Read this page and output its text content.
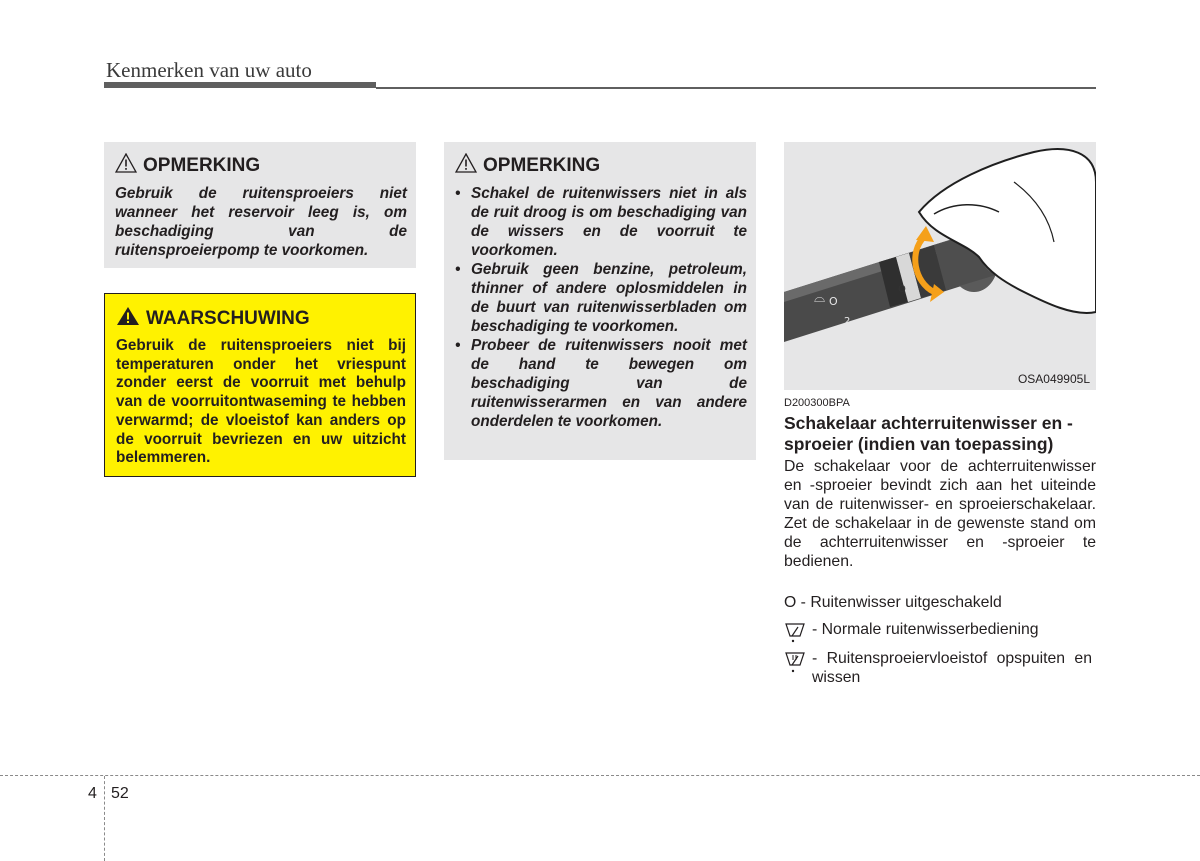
Kenmerken van uw auto
OPMERKING
Gebruik de ruitensproeiers niet wanneer het reservoir leeg is, om beschadiging van de ruitensproeierpomp te voorkomen.
WAARSCHUWING
Gebruik de ruitensproeiers niet bij temperaturen onder het vriespunt zonder eerst de voorruit met behulp van de voorruitontwaseming te hebben verwarmd; de vloeistof kan anders op de voorruit bevriezen en uw uitzicht belemmeren.
OPMERKING
• Schakel de ruitenwissers niet in als de ruit droog is om beschadiging van de wissers en de voorruit te voorkomen.
• Gebruik geen benzine, petroleum, thinner of andere oplosmiddelen in de buurt van ruitenwisserbladen om beschadiging te voorkomen.
• Probeer de ruitenwissers nooit met de hand te bewegen om beschadiging van de ruitenwisserarmen en van andere onderdelen te voorkomen.
⌓ O
2
O
OSA049905L
D200300BPA
Schakelaar achterruitenwisser en -sproeier (indien van toepassing)
De schakelaar voor de achterruitenwisser en -sproeier bevindt zich aan het uiteinde van de ruitenwisser- en sproeierschakelaar. Zet de schakelaar in de gewenste stand om de achterruitenwisser en -sproeier te bedienen.
O - Ruitenwisser uitgeschakeld
- Normale ruitenwisserbediening
- Ruitensproeiervloeistof opspuiten en wissen
4 52
